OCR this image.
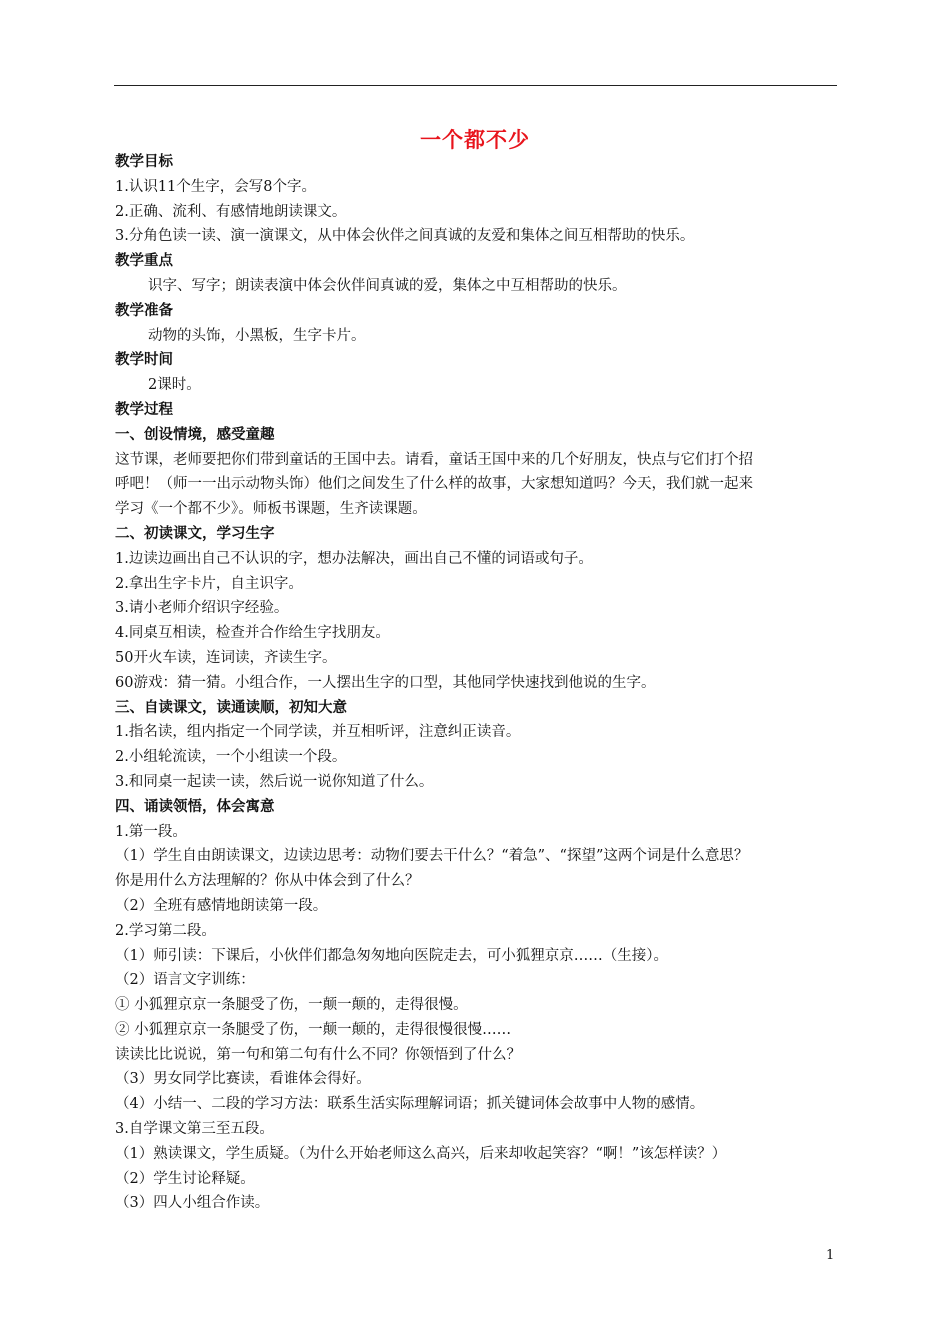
一个都不少
教学目标
1.认识11个生字，会写8个字。
2.正确、流利、有感情地朗读课文。
3.分角色读一读、演一演课文，从中体会伙伴之间真诚的友爱和集体之间互相帮助的快乐。
教学重点
识字、写字；朗读表演中体会伙伴间真诚的爱，集体之中互相帮助的快乐。
教学准备
动物的头饰，小黑板，生字卡片。
教学时间
2课时。
教学过程
一、创设情境，感受童趣
这节课，老师要把你们带到童话的王国中去。请看，童话王国中来的几个好朋友，快点与它们打个招
呼吧！（师一一出示动物头饰）他们之间发生了什么样的故事，大家想知道吗？今天，我们就一起来
学习《一个都不少》。师板书课题，生齐读课题。
二、初读课文，学习生字
1.边读边画出自己不认识的字，想办法解决，画出自己不懂的词语或句子。
2.拿出生字卡片，自主识字。
3.请小老师介绍识字经验。
4.同桌互相读，检查并合作给生字找朋友。
50开火车读，连词读，齐读生字。
60游戏：猜一猜。小组合作，一人摆出生字的口型，其他同学快速找到他说的生字。
三、自读课文，读通读顺，初知大意
1.指名读，组内指定一个同学读，并互相听评，注意纠正读音。
2.小组轮流读，一个小组读一个段。
3.和同桌一起读一读，然后说一说你知道了什么。
四、诵读领悟，体会寓意
1.第一段。
（1）学生自由朗读课文，边读边思考：动物们要去干什么？“着急”、“探望”这两个词是什么意思？
你是用什么方法理解的？你从中体会到了什么？
（2）全班有感情地朗读第一段。
2.学习第二段。
（1）师引读：下课后，小伙伴们都急匆匆地向医院走去，可小狐狸京京……（生接）。
（2）语言文字训练：
① 小狐狸京京一条腿受了伤，一颠一颠的，走得很慢。
② 小狐狸京京一条腿受了伤，一颠一颠的，走得很慢很慢……
读读比比说说，第一句和第二句有什么不同？你领悟到了什么？
（3）男女同学比赛读，看谁体会得好。
（4）小结一、二段的学习方法：联系生活实际理解词语；抓关键词体会故事中人物的感情。
3.自学课文第三至五段。
（1）熟读课文，学生质疑。（为什么开始老师这么高兴，后来却收起笑容？“啊！”该怎样读？）
（2）学生讨论释疑。
（3）四人小组合作读。
1
